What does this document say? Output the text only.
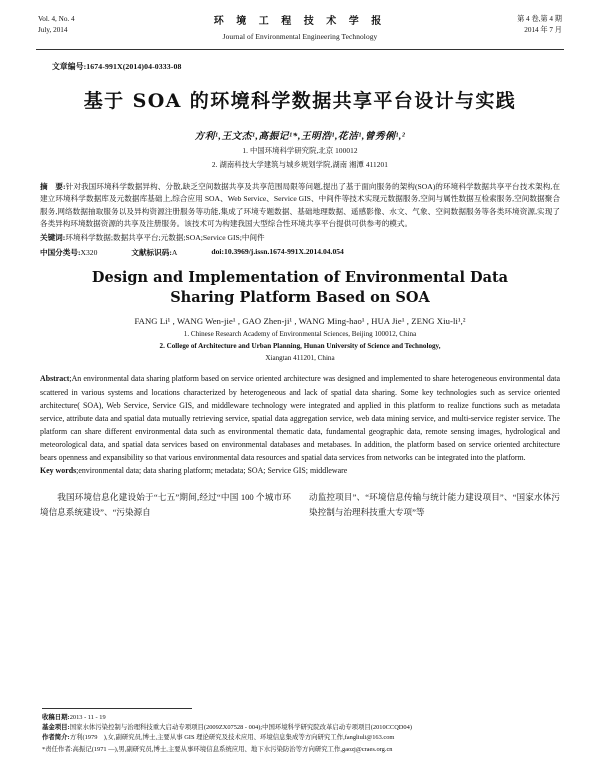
Vol. 4, No. 4
July, 2014
环 境 工 程 技 术 学 报
Journal of Environmental Engineering Technology
第 4 卷,第 4 期
2014 年 7 月
文章编号:1674-991X(2014)04-0333-08
基于 SOA 的环境科学数据共享平台设计与实践
方利¹,王文杰¹,高振记¹*,王明浩¹,花洁¹,曾秀俐¹,²
1. 中国环境科学研究院,北京 100012
2. 湖南科技大学建筑与城乡规划学院,湖南 湘潭 411201
摘　要:针对我国环境科学数据异构、分散,缺乏空间数据共享及共享范围局限等问题,提出了基于面向服务的架构(SOA)的环境科学数据共享平台技术架构,在建立环境科学数据库及元数据库基础上,综合应用 SOA、Web Service、Service GIS、中间件等技术实现元数据服务,空间与属性数据互检索服务,空间数据聚合服务,网络数据抽取服务以及异构资源注册服务等功能,集成了环境专题数据、基础地理数据、遥感影像、水文、气象、空间数据服务等各类环境资源,实现了各类异构环境数据资源的共享及注册服务。该技术可为构建我国大型综合性环境共享平台提供可供参考的模式。
关键词:环境科学数据;数据共享平台;元数据;SOA;Service GIS;中间件
中国分类号:X320	文献标识码:A	doi:10.3969/j.issn.1674-991X.2014.04.054
Design and Implementation of Environmental Data
Sharing Platform Based on SOA
FANG Li¹ , WANG Wen-jie¹ , GAO Zhen-ji¹ , WANG Ming-hao¹ , HUA Jie¹ , ZENG Xiu-li¹,²
1. Chinese Research Academy of Environmental Sciences, Beijing 100012, China
2. College of Architecture and Urban Planning, Hunan University of Science and Technology,
Xiangtan 411201, China
Abstract;An environmental data sharing platform based on service oriented architecture was designed and implemented to share heterogeneous environmental data scattered in various systems and locations characterized by heterogeneous and lack of spatial data sharing. Some key technologies such as service oriented architecture( SOA), Web Service, Service GIS, and middleware technology were integrated and applied in this platform to realize functions such as metadata service, attribute data and spatial data mutually retrieving service, spatial data aggregation service, web data mining service, and multi-service register service. The platform can share different environmental data such as environmental thematic data, fundamental geographic data, remote sensing images, hydrological and meteorological data, and spatial data services based on environmental databases and metabases. In addition, the platform based on service oriented architecture bears openness and expansibility so that various environmental data resources and spatial data services from networks can be integrated into the platform.
Key words;environmental data; data sharing platform; metadata; SOA; Service GIS; middleware

我国环境信息化建设始于“七五”期间,经过“中国 100 个城市环境信息系统建设”、“污染源自

动监控项目”、“环境信息传输与统计能力建设项目”、“国家水体污染控制与治理科技重大专项”等

收稿日期:2013 - 11 - 19
基金项目:国家水体污染控制与治理科技重大启动专项项目(2009ZX07528 - 004);中国环境科学研究院改革启动专项项目(2010CCQD04)
作者简介:方利(1979　),女,副研究员,博士,主要从事 GIS 理论研究及技术应用、环境信息集成等方向研究工作,fangliuli@163.com
*责任作者:高振记(1971 —),男,副研究员,博士,主要从事环境信息系统应用、地下水污染防治等方向研究工作,gaozj@craes.org.cn
